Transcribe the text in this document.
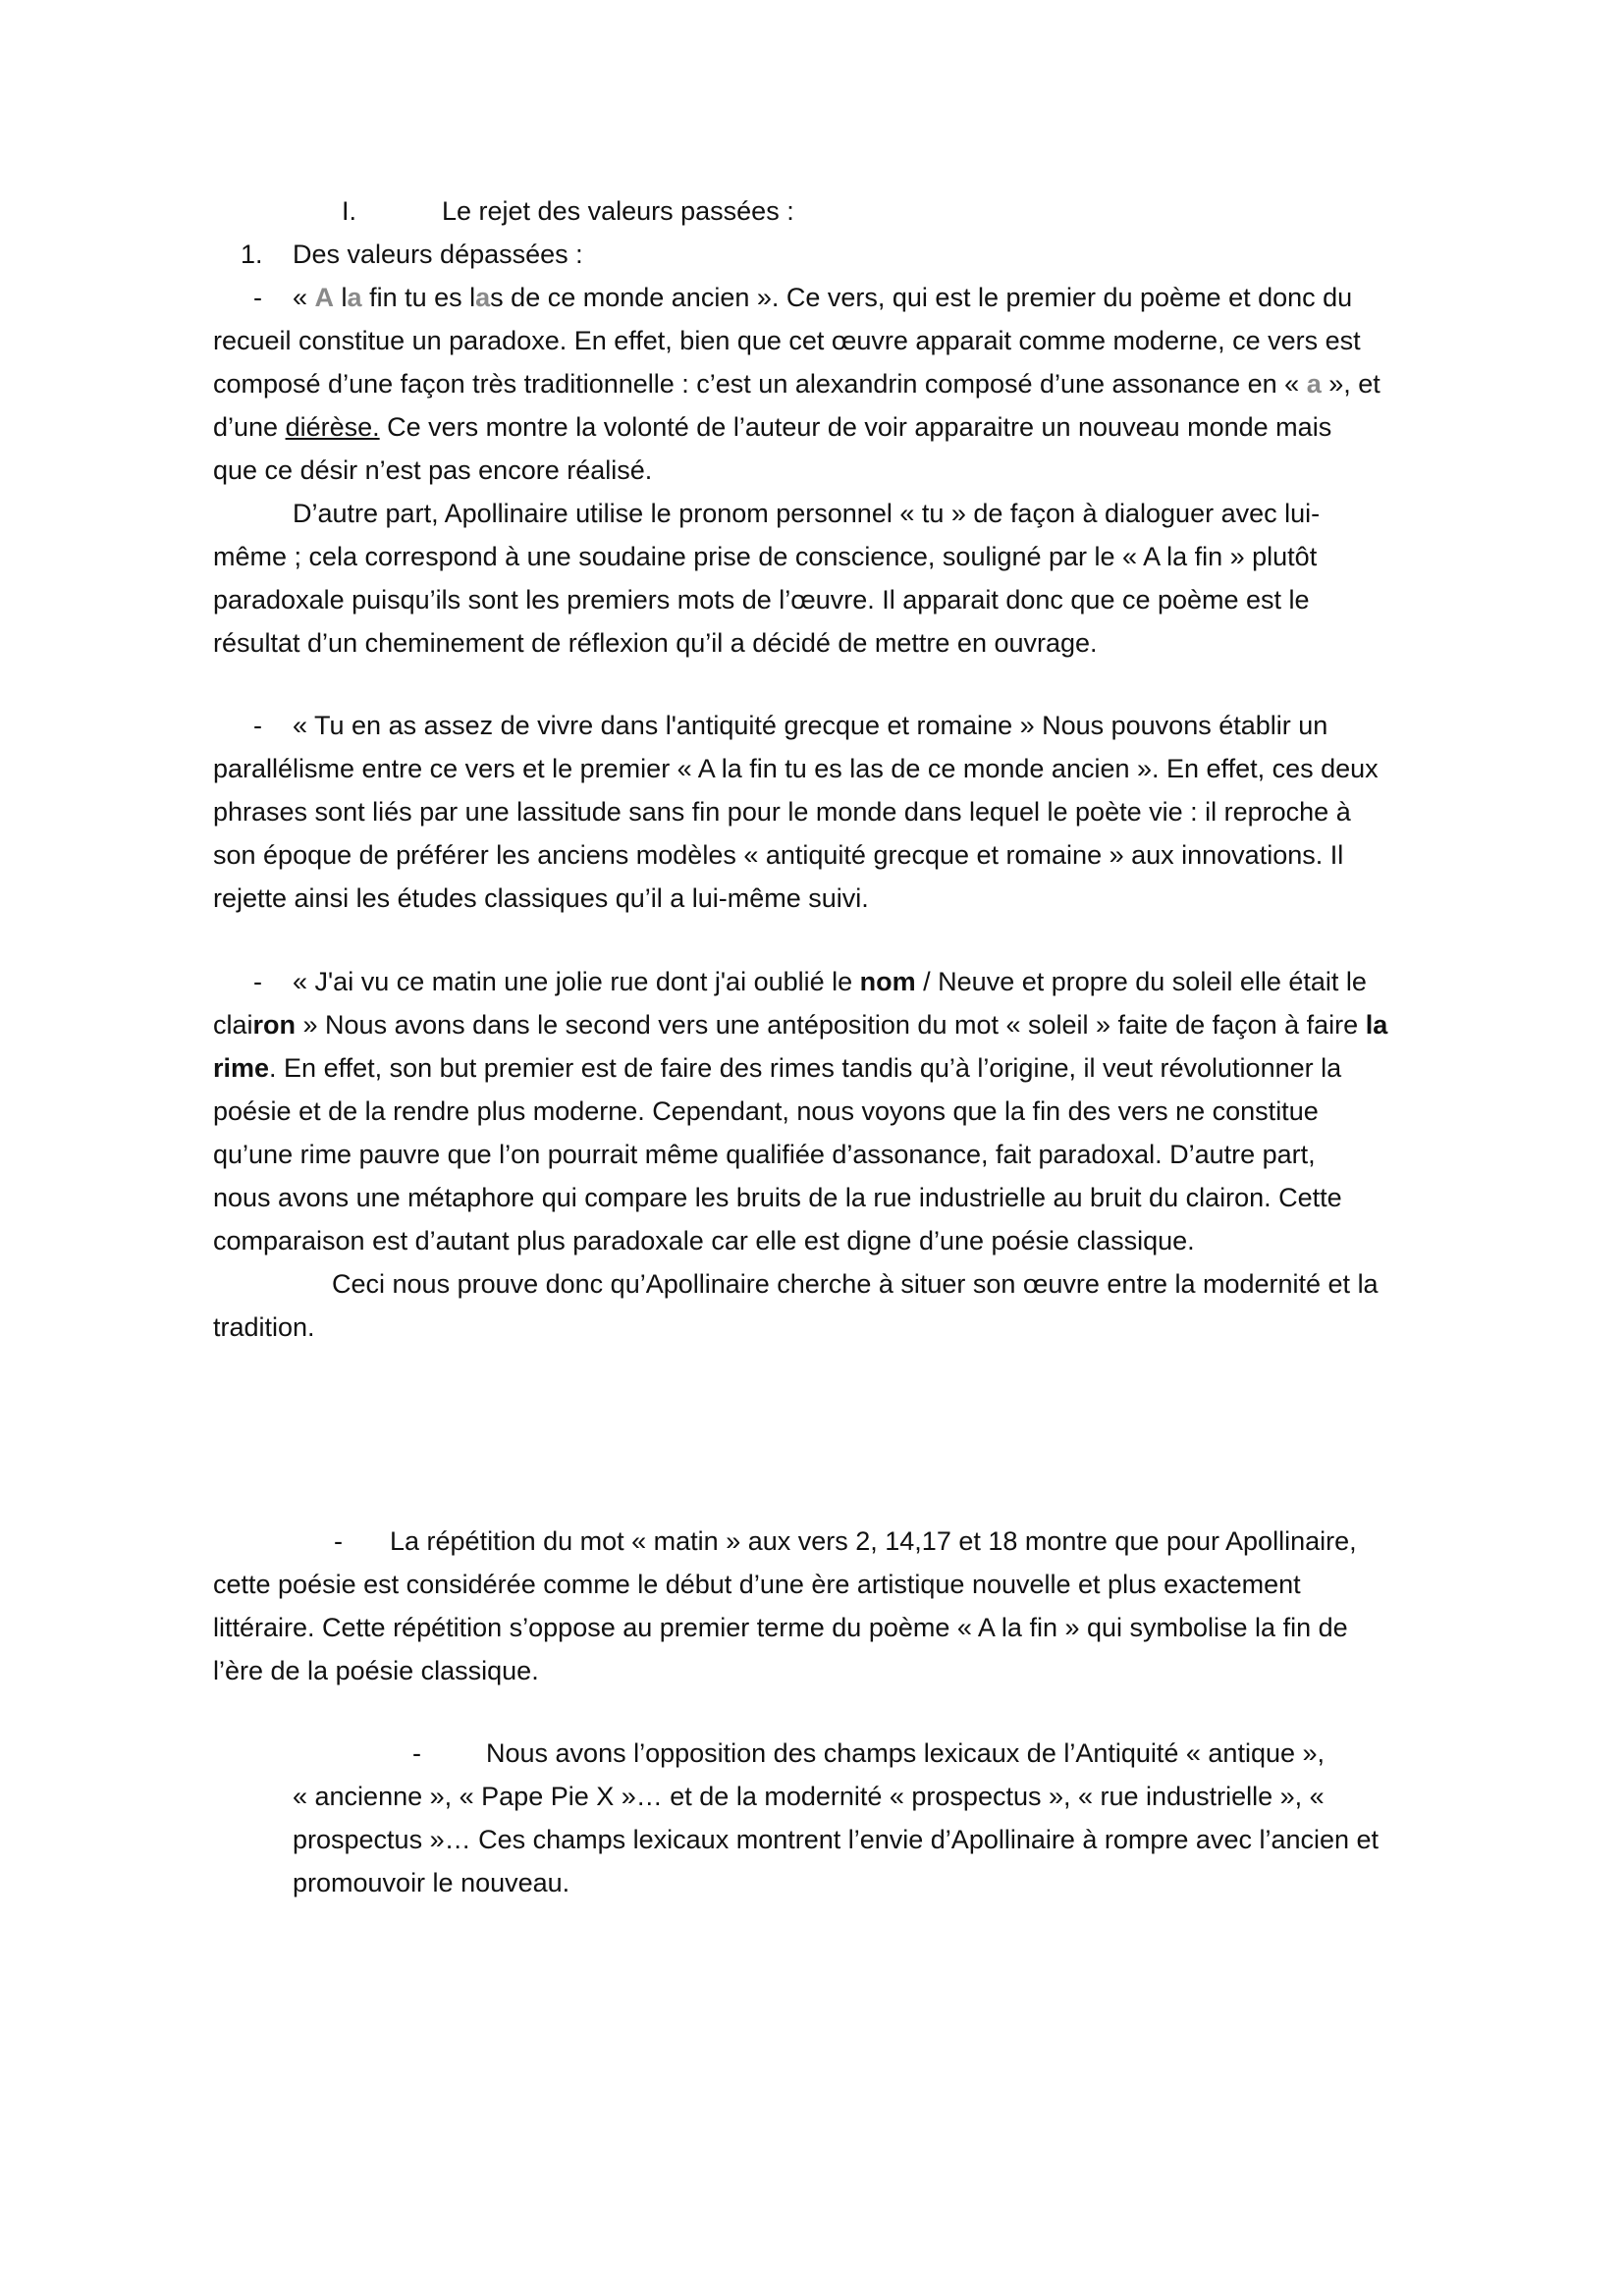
I.	Le rejet des valeurs passées :
1. Des valeurs dépassées :
- « A la fin tu es las de ce monde ancien ». Ce vers, qui est le premier du poème et donc du
recueil constitue un paradoxe. En effet, bien que cet œuvre apparait comme moderne, ce vers est
composé d’une façon très traditionnelle : c’est un alexandrin composé d’une assonance en « a », et
d’une diérèse. Ce vers montre la volonté de l’auteur de voir apparaitre un nouveau monde mais
que ce désir n’est pas encore réalisé.
D’autre part, Apollinaire utilise le pronom personnel « tu » de façon à dialoguer avec lui-
même ; cela correspond à une soudaine prise de conscience, souligné par le « A la fin » plutôt
paradoxale puisqu’ils sont les premiers mots de l’œuvre. Il apparait donc que ce poème est le
résultat d’un cheminement de réflexion qu’il a décidé de mettre en ouvrage.
- « Tu en as assez de vivre dans l'antiquité grecque et romaine » Nous pouvons établir un
parallélisme entre ce vers et le premier « A la fin tu es las de ce monde ancien ». En effet, ces deux
phrases sont liés par une lassitude sans fin pour le monde dans lequel le poète vie : il reproche à
son époque de préférer les anciens modèles « antiquité grecque et romaine » aux innovations. Il
rejette ainsi les études classiques qu’il a lui-même suivi.
- « J'ai vu ce matin une jolie rue dont j'ai oublié le nom / Neuve et propre du soleil elle était le
clairon » Nous avons dans le second vers une antéposition du mot « soleil » faite de façon à faire la
rime. En effet, son but premier est de faire des rimes tandis qu’à l’origine, il veut révolutionner la
poésie et de la rendre plus moderne. Cependant, nous voyons que la fin des vers ne constitue
qu’une rime pauvre que l’on pourrait même qualifiée d’assonance, fait paradoxal. D’autre part,
nous avons une métaphore qui compare les bruits de la rue industrielle au bruit du clairon. Cette
comparaison est d’autant plus paradoxale car elle est digne d’une poésie classique.
Ceci nous prouve donc qu’Apollinaire cherche à situer son œuvre entre la modernité et la
tradition.
- La répétition du mot « matin » aux vers 2, 14,17 et 18 montre que pour Apollinaire,
cette poésie est considérée comme le début d’une ère artistique nouvelle et plus exactement
littéraire. Cette répétition s’oppose au premier terme du poème « A la fin » qui symbolise la fin de
l’ère de la poésie classique.
- Nous avons l’opposition des champs lexicaux de l’Antiquité « antique »,
« ancienne », « Pape Pie X »… et de la modernité « prospectus », « rue industrielle », «
prospectus »… Ces champs lexicaux montrent l’envie d’Apollinaire à rompre avec l’ancien et
promouvoir le nouveau.
